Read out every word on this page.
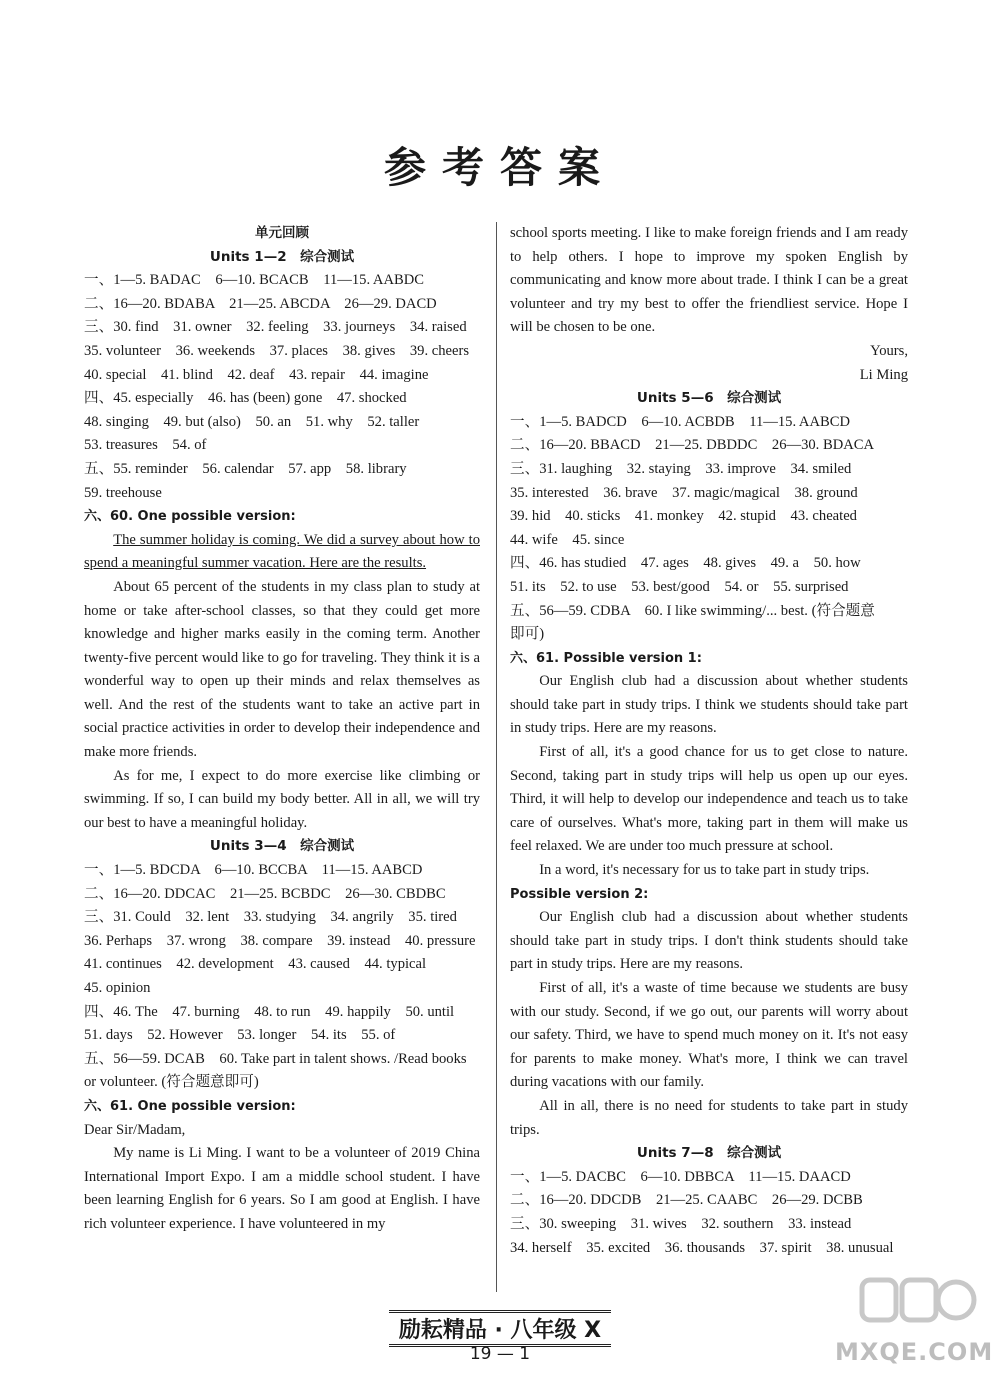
参考答案
单元回顾
Units 1—2　综合测试
一、1—5. BADAC　6—10. BCACB　11—15. AABDC
二、16—20. BDABA　21—25. ABCDA　26—29. DACD
三、30. find　31. owner　32. feeling　33. journeys　34. raised
35. volunteer　36. weekends　37. places　38. gives　39. cheers
40. special　41. blind　42. deaf　43. repair　44. imagine
四、45. especially　46. has (been) gone　47. shocked
48. singing　49. but (also)　50. an　51. why　52. taller
53. treasures　54. of
五、55. reminder　56. calendar　57. app　58. library
59. treehouse
六、60. One possible version:
The summer holiday is coming. We did a survey about how to spend a meaningful summer vacation. Here are the results.
About 65 percent of the students in my class plan to study at home or take after-school classes, so that they could get more knowledge and higher marks easily in the coming term. Another twenty-five percent would like to go for traveling. They think it is a wonderful way to open up their minds and relax themselves as well. And the rest of the students want to take an active part in social practice activities in order to develop their independence and make more friends.
As for me, I expect to do more exercise like climbing or swimming. If so, I can build my body better. All in all, we will try our best to have a meaningful holiday.
Units 3—4　综合测试
一、1—5. BDCDA　6—10. BCCBA　11—15. AABCD
二、16—20. DDCAC　21—25. BCBDC　26—30. CBDBC
三、31. Could　32. lent　33. studying　34. angrily　35. tired
36. Perhaps　37. wrong　38. compare　39. instead　40. pressure
41. continues　42. development　43. caused　44. typical
45. opinion
四、46. The　47. burning　48. to run　49. happily　50. until
51. days　52. However　53. longer　54. its　55. of
五、56—59. DCAB　60. Take part in talent shows. /Read books
or volunteer. (符合题意即可)
六、61. One possible version:
Dear Sir/Madam,
My name is Li Ming. I want to be a volunteer of 2019 China International Import Expo. I am a middle school student. I have been learning English for 6 years. So I am good at English. I have rich volunteer experience. I have volunteered in my
school sports meeting. I like to make foreign friends and I am ready to help others. I hope to improve my spoken English by communicating and know more about trade. I think I can be a great volunteer and try my best to offer the friendliest service. Hope I will be chosen to be one.
Yours,
Li Ming
Units 5—6　综合测试
一、1—5. BADCD　6—10. ACBDB　11—15. AABCD
二、16—20. BBACD　21—25. DBDDC　26—30. BDACA
三、31. laughing　32. staying　33. improve　34. smiled
35. interested　36. brave　37. magic/magical　38. ground
39. hid　40. sticks　41. monkey　42. stupid　43. cheated
44. wife　45. since
四、46. has studied　47. ages　48. gives　49. a　50. how
51. its　52. to use　53. best/good　54. or　55. surprised
五、56—59. CDBA　60. I like swimming/... best. (符合题意
即可)
六、61. Possible version 1:
Our English club had a discussion about whether students should take part in study trips. I think we students should take part in study trips. Here are my reasons.
First of all, it's a good chance for us to get close to nature. Second, taking part in study trips will help us open up our eyes. Third, it will help to develop our independence and teach us to take care of ourselves. What's more, taking part in them will make us feel relaxed. We are under too much pressure at school.
In a word, it's necessary for us to take part in study trips.
Possible version 2:
Our English club had a discussion about whether students should take part in study trips. I don't think students should take part in study trips. Here are my reasons.
First of all, it's a waste of time because we students are busy with our study. Second, if we go out, our parents will worry about our safety. Third, we have to spend much money on it. It's not easy for parents to make money. What's more, I think we can travel during vacations with our family.
All in all, there is no need for students to take part in study trips.
Units 7—8　综合测试
一、1—5. DACBC　6—10. DBBCA　11—15. DAACD
二、16—20. DDCDB　21—25. CAABC　26—29. DCBB
三、30. sweeping　31. wives　32. southern　33. instead
34. herself　35. excited　36. thousands　37. spirit　38. unusual
励耘精品 · 八年级 X
19 — 1	MXQE.COM
